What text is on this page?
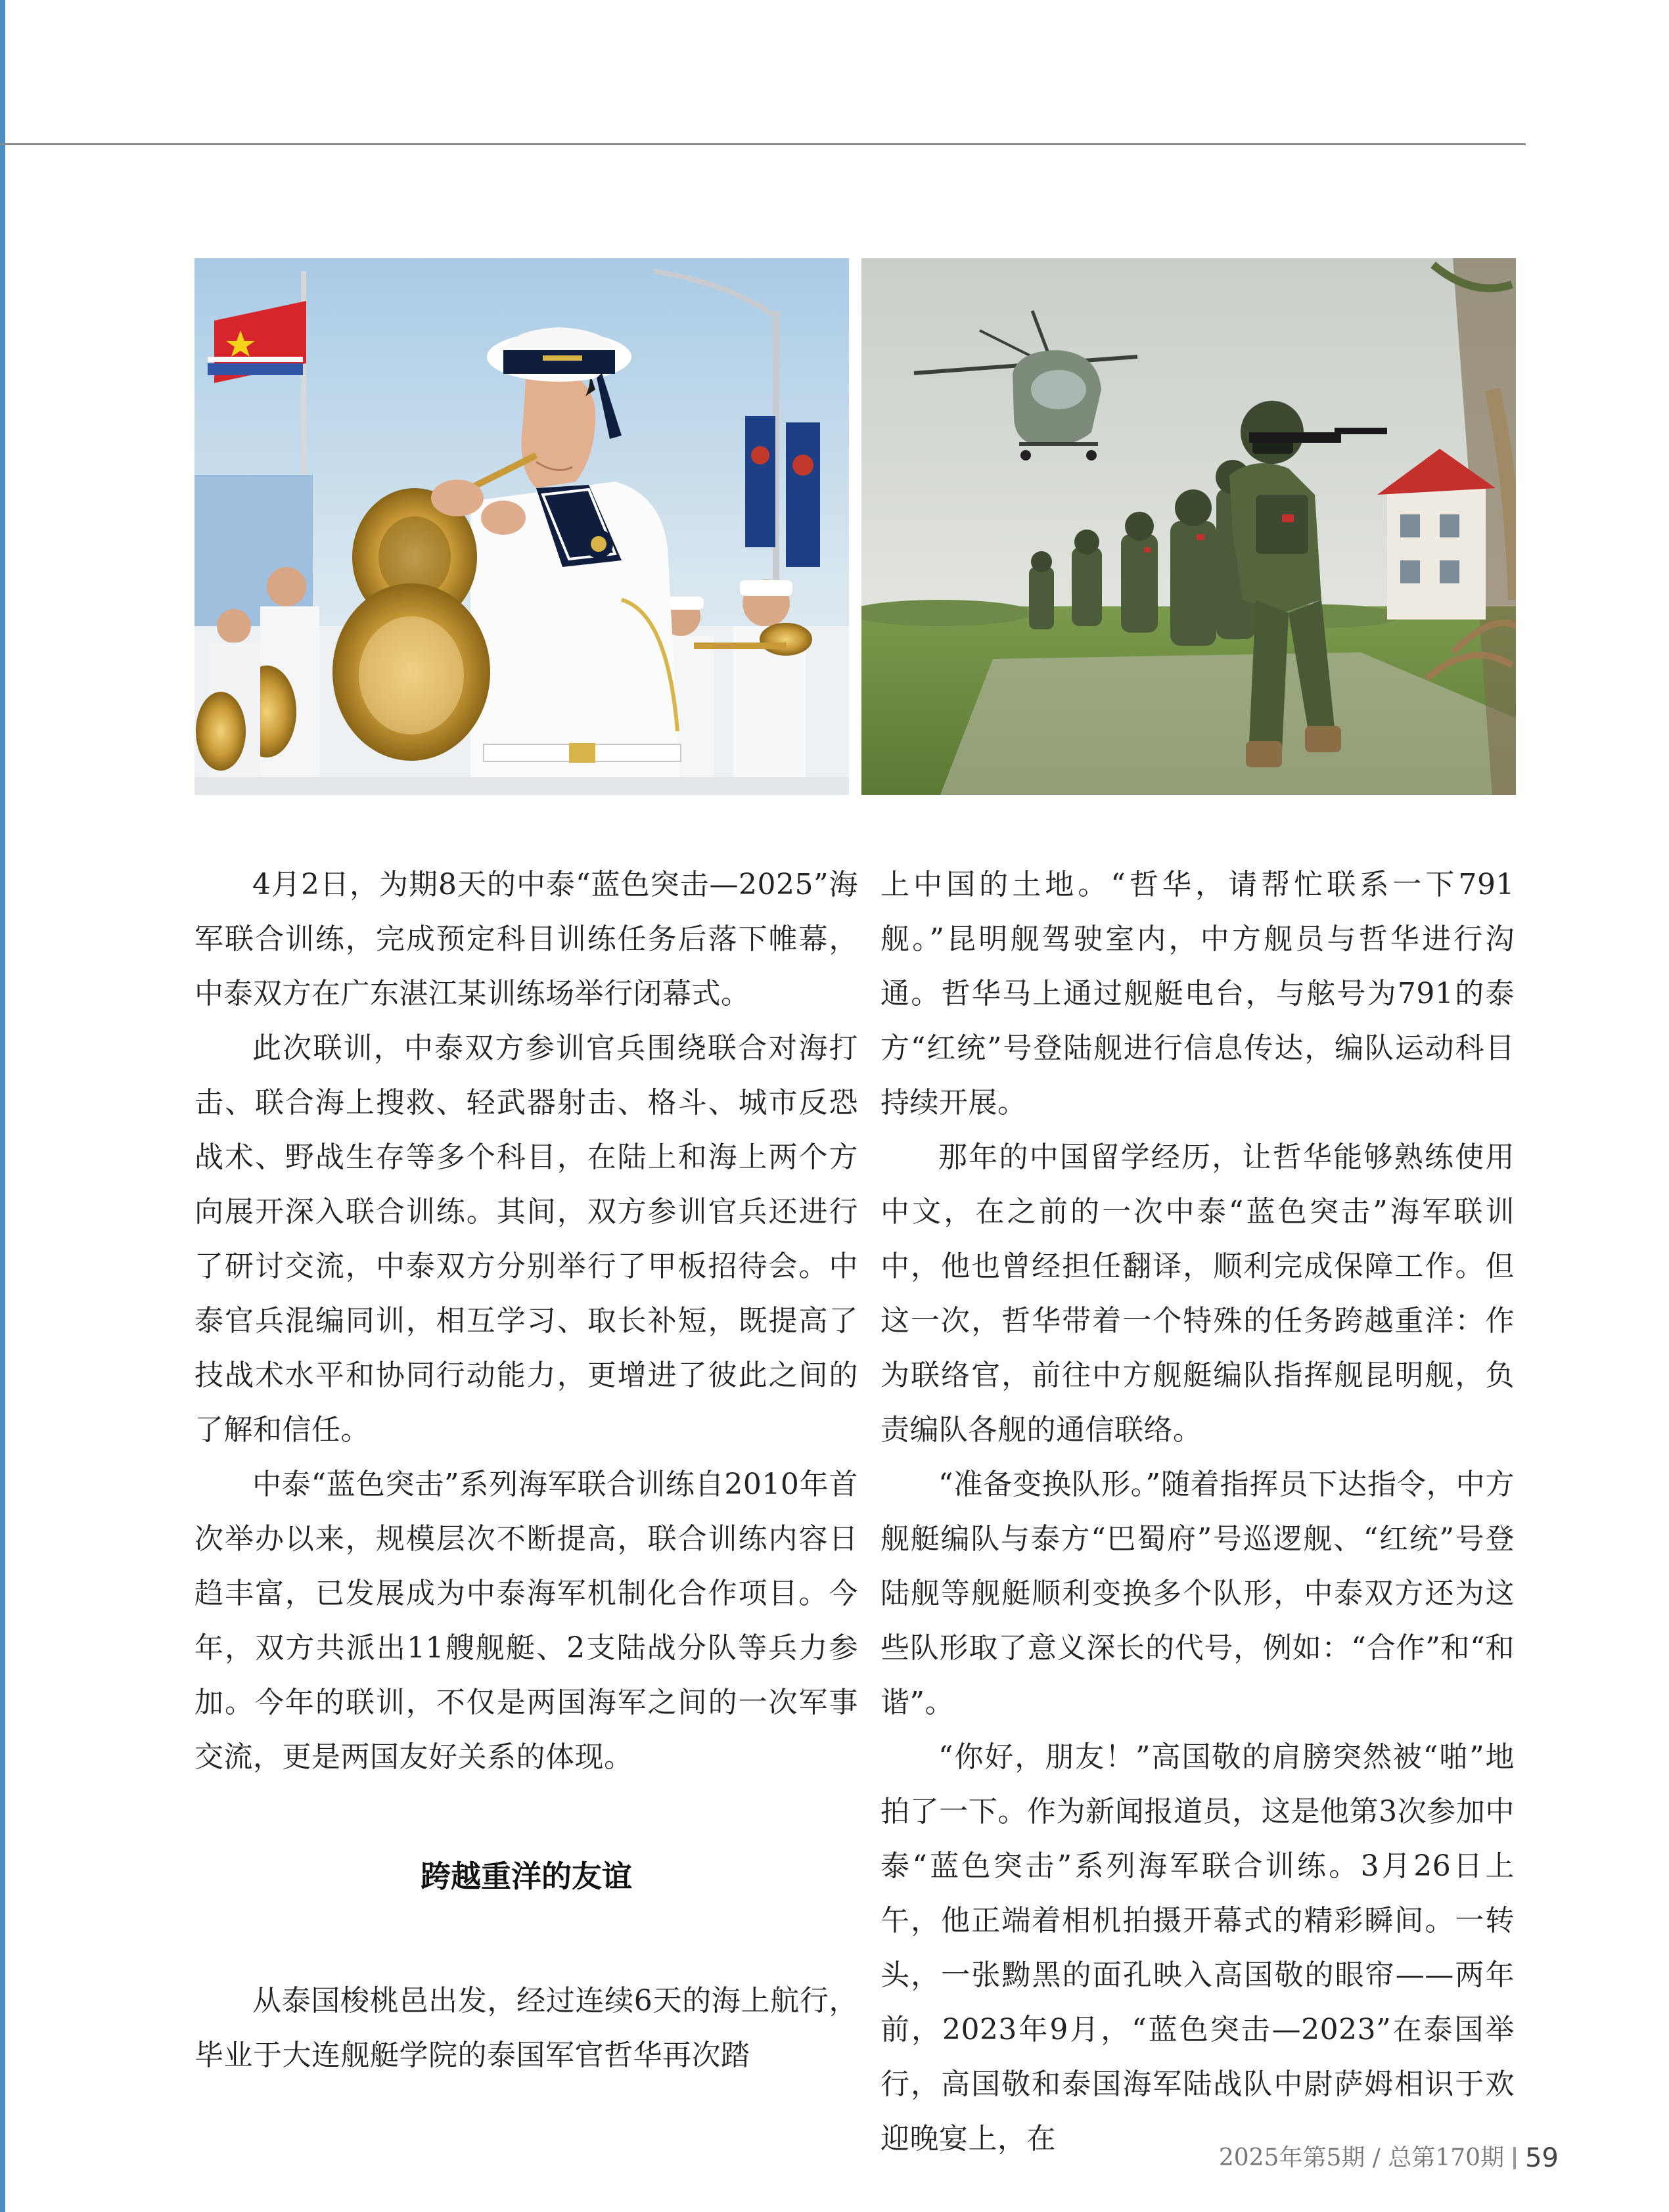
4月2日，为期8天的中泰“蓝色突击—2025”海军联合训练，完成预定科目训练任务后落下帷幕，中泰双方在广东湛江某训练场举行闭幕式。

此次联训，中泰双方参训官兵围绕联合对海打击、联合海上搜救、轻武器射击、格斗、城市反恐战术、野战生存等多个科目，在陆上和海上两个方向展开深入联合训练。其间，双方参训官兵还进行了研讨交流，中泰双方分别举行了甲板招待会。中泰官兵混编同训，相互学习、取长补短，既提高了技战术水平和协同行动能力，更增进了彼此之间的了解和信任。

中泰“蓝色突击”系列海军联合训练自2010年首次举办以来，规模层次不断提高，联合训练内容日趋丰富，已发展成为中泰海军机制化合作项目。今年，双方共派出11艘舰艇、2支陆战分队等兵力参加。今年的联训，不仅是两国海军之间的一次军事交流，更是两国友好关系的体现。

跨越重洋的友谊

从泰国梭桃邑出发，经过连续6天的海上航行，毕业于大连舰艇学院的泰国军官哲华再次踏

上中国的土地。“哲华，请帮忙联系一下791舰。”昆明舰驾驶室内，中方舰员与哲华进行沟通。哲华马上通过舰艇电台，与舷号为791的泰方“红统”号登陆舰进行信息传达，编队运动科目持续开展。

那年的中国留学经历，让哲华能够熟练使用中文，在之前的一次中泰“蓝色突击”海军联训中，他也曾经担任翻译，顺利完成保障工作。但这一次，哲华带着一个特殊的任务跨越重洋：作为联络官，前往中方舰艇编队指挥舰昆明舰，负责编队各舰的通信联络。

“准备变换队形。”随着指挥员下达指令，中方舰艇编队与泰方“巴蜀府”号巡逻舰、“红统”号登陆舰等舰艇顺利变换多个队形，中泰双方还为这些队形取了意义深长的代号，例如：“合作”和“和谐”。

“你好，朋友！”高国敬的肩膀突然被“啪”地拍了一下。作为新闻报道员，这是他第3次参加中泰“蓝色突击”系列海军联合训练。3月26日上午，他正端着相机拍摄开幕式的精彩瞬间。一转头，一张黝黑的面孔映入高国敬的眼帘——两年前，2023年9月，“蓝色突击—2023”在泰国举行，高国敬和泰国海军陆战队中尉萨姆相识于欢迎晚宴上，在

2025年第5期 / 总第170期 59
